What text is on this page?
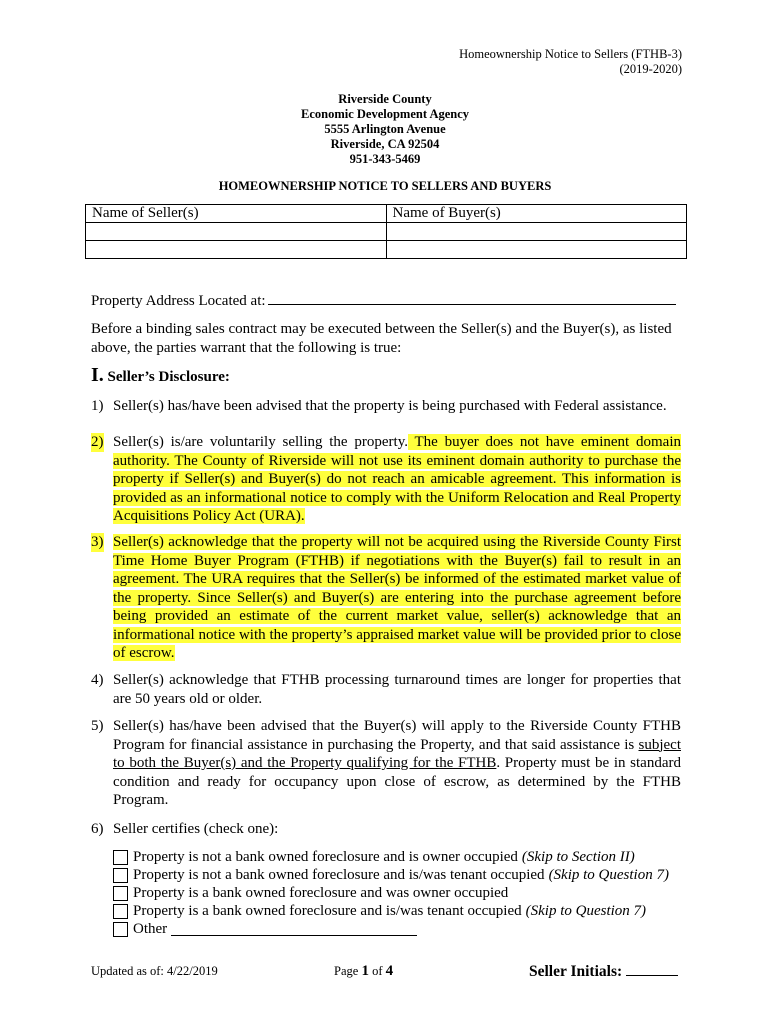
Homeownership Notice to Sellers (FTHB-3)
(2019-2020)
Riverside County
Economic Development Agency
5555 Arlington Avenue
Riverside, CA 92504
951-343-5469
HOMEOWNERSHIP NOTICE TO SELLERS AND BUYERS
Name of Seller(s)	Name of Buyer(s)

Property Address Located at:
Before a binding sales contract may be executed between the Seller(s) and the Buyer(s), as listed above, the parties warrant that the following is true:
I. Seller’s Disclosure:
1) Seller(s) has/have been advised that the property is being purchased with Federal assistance.
2) Seller(s) is/are voluntarily selling the property. The buyer does not have eminent domain authority. The County of Riverside will not use its eminent domain authority to purchase the property if Seller(s) and Buyer(s) do not reach an amicable agreement. This information is provided as an informational notice to comply with the Uniform Relocation and Real Property Acquisitions Policy Act (URA).
3) Seller(s) acknowledge that the property will not be acquired using the Riverside County First Time Home Buyer Program (FTHB) if negotiations with the Buyer(s) fail to result in an agreement. The URA requires that the Seller(s) be informed of the estimated market value of the property. Since Seller(s) and Buyer(s) are entering into the purchase agreement before being provided an estimate of the current market value, seller(s) acknowledge that an informational notice with the property’s appraised market value will be provided prior to close of escrow.
4) Seller(s) acknowledge that FTHB processing turnaround times are longer for properties that are 50 years old or older.
5) Seller(s) has/have been advised that the Buyer(s) will apply to the Riverside County FTHB Program for financial assistance in purchasing the Property, and that said assistance is subject to both the Buyer(s) and the Property qualifying for the FTHB. Property must be in standard condition and ready for occupancy upon close of escrow, as determined by the FTHB Program.
6) Seller certifies (check one):
Property is not a bank owned foreclosure and is owner occupied (Skip to Section II)
Property is not a bank owned foreclosure and is/was tenant occupied (Skip to Question 7)
Property is a bank owned foreclosure and was owner occupied
Property is a bank owned foreclosure and is/was tenant occupied (Skip to Question 7)
Other
Updated as of: 4/22/2019	Page 1 of 4	Seller Initials:
